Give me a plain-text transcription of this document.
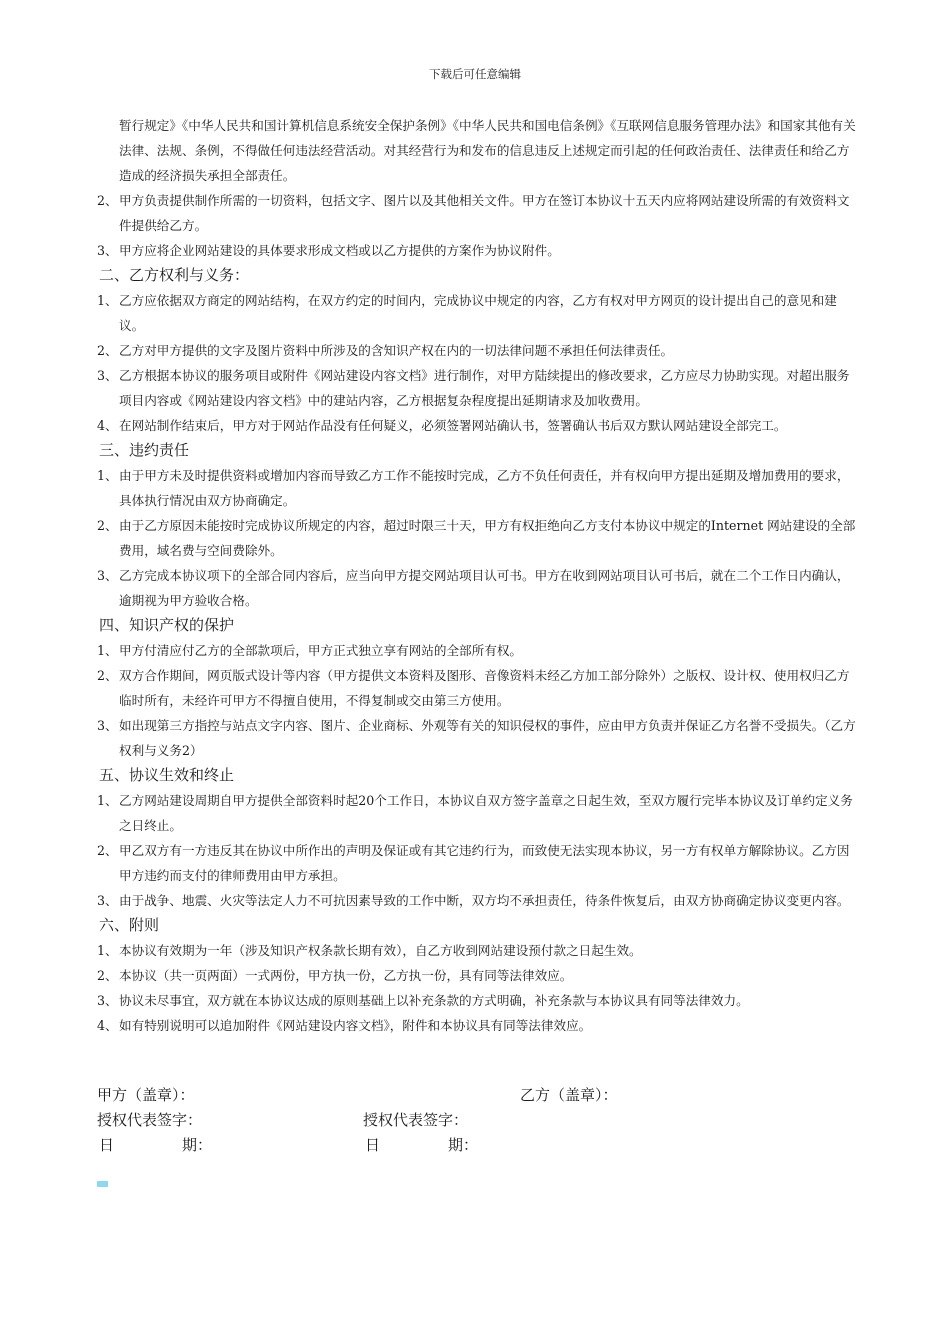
下载后可任意编辑
暂行规定》《中华人民共和国计算机信息系统安全保护条例》《中华人民共和国电信条例》《互联网信息服务管理办法》和国家其他有关法律、法规、条例，不得做任何违法经营活动。对其经营行为和发布的信息违反上述规定而引起的任何政治责任、法律责任和给乙方造成的经济损失承担全部责任。
2、 甲方负责提供制作所需的一切资料，包括文字、图片以及其他相关文件。甲方在签订本协议十五天内应将网站建设所需的有效资料文件提供给乙方。
3、 甲方应将企业网站建设的具体要求形成文档或以乙方提供的方案作为协议附件。
二、乙方权利与义务：
1、 乙方应依据双方商定的网站结构，在双方约定的时间内，完成协议中规定的内容，乙方有权对甲方网页的设计提出自己的意见和建议。
2、 乙方对甲方提供的文字及图片资料中所涉及的含知识产权在内的一切法律问题不承担任何法律责任。
3、 乙方根据本协议的服务项目或附件《网站建设内容文档》进行制作，对甲方陆续提出的修改要求，乙方应尽力协助实现。对超出服务项目内容或《网站建设内容文档》中的建站内容，乙方根据复杂程度提出延期请求及加收费用。
4、 在网站制作结束后，甲方对于网站作品没有任何疑义，必须签署网站确认书，签署确认书后双方默认网站建设全部完工。
三、违约责任
1、 由于甲方未及时提供资料或增加内容而导致乙方工作不能按时完成，乙方不负任何责任，并有权向甲方提出延期及增加费用的要求，具体执行情况由双方协商确定。
2、 由于乙方原因未能按时完成协议所规定的内容，超过时限三十天，甲方有权拒绝向乙方支付本协议中规定的Internet 网站建设的全部费用，域名费与空间费除外。
3、 乙方完成本协议项下的全部合同内容后，应当向甲方提交网站项目认可书。甲方在收到网站项目认可书后，就在二个工作日内确认，逾期视为甲方验收合格。
四、知识产权的保护
1、 甲方付清应付乙方的全部款项后，甲方正式独立享有网站的全部所有权。
2、 双方合作期间，网页版式设计等内容（甲方提供文本资料及图形、音像资料未经乙方加工部分除外）之版权、设计权、使用权归乙方临时所有，未经许可甲方不得擅自使用，不得复制或交由第三方使用。
3、 如出现第三方指控与站点文字内容、图片、企业商标、外观等有关的知识侵权的事件，应由甲方负责并保证乙方名誉不受损失。（乙方权利与义务2）
五、协议生效和终止
1、 乙方网站建设周期自甲方提供全部资料时起20个工作日，本协议自双方签字盖章之日起生效，至双方履行完毕本协议及订单约定义务之日终止。
2、 甲乙双方有一方违反其在协议中所作出的声明及保证或有其它违约行为，而致使无法实现本协议，另一方有权单方解除协议。乙方因甲方违约而支付的律师费用由甲方承担。
3、 由于战争、地震、火灾等法定人力不可抗因素导致的工作中断，双方均不承担责任，待条件恢复后，由双方协商确定协议变更内容。
六、附则
1、 本协议有效期为一年（涉及知识产权条款长期有效），自乙方收到网站建设预付款之日起生效。
2、 本协议（共一页两面）一式两份，甲方执一份，乙方执一份，具有同等法律效应。
3、 协议未尽事宜，双方就在本协议达成的原则基础上以补充条款的方式明确，补充条款与本协议具有同等法律效力。
4、 如有特别说明可以追加附件《网站建设内容文档》，附件和本协议具有同等法律效应。
甲方（盖章）：	乙方（盖章）：
授权代表签字：	授权代表签字：
日	期：	日	期：
